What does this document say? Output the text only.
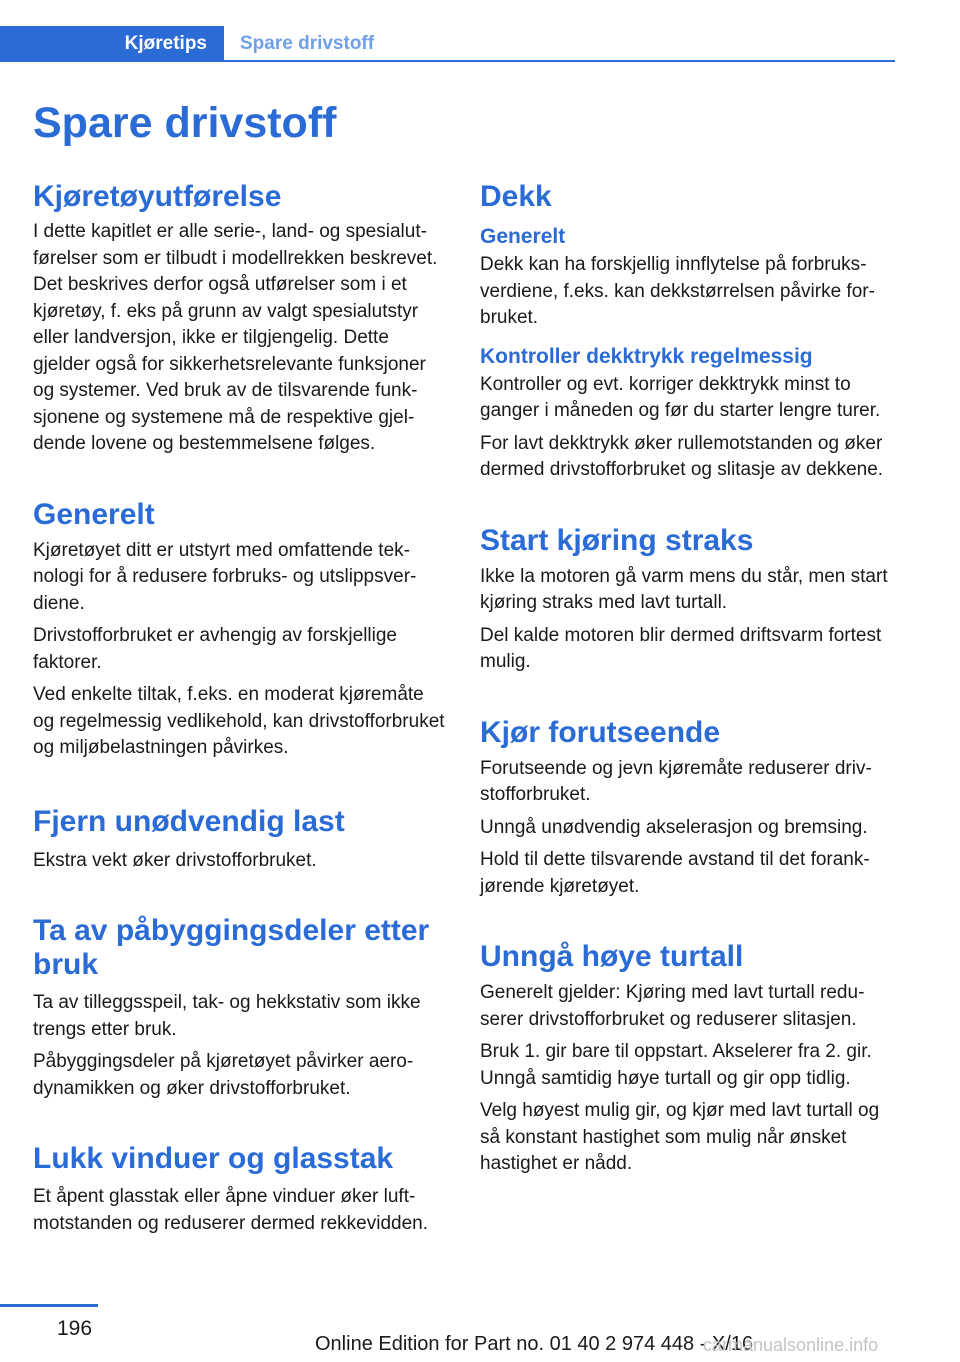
Kjøretips Spare drivstoff
Spare drivstoff
Kjøretøyutførelse

I dette kapitlet er alle serie-, land- og spesialutførelser som er tilbudt i modellrekken beskrevet. Det beskrives derfor også utførelser som i et kjøretøy, f. eks på grunn av valgt spesialutstyr eller landversjon, ikke er tilgjengelig. Dette gjelder også for sikkerhetsrelevante funksjoner og systemer. Ved bruk av de tilsvarende funksjonene og systemene må de respektive gjeldende lovene og bestemmelsene følges.

Generelt

Kjøretøyet ditt er utstyrt med omfattende teknologi for å redusere forbruks- og utslippsverdiene.

Drivstofforbruket er avhengig av forskjellige faktorer.

Ved enkelte tiltak, f.eks. en moderat kjøremåte og regelmessig vedlikehold, kan drivstofforbruket og miljøbelastningen påvirkes.

Fjern unødvendig last

Ekstra vekt øker drivstofforbruket.

Ta av påbyggingsdeler etter bruk

Ta av tilleggsspeil, tak- og hekkstativ som ikke trengs etter bruk.

Påbyggingsdeler på kjøretøyet påvirker aerodynamikken og øker drivstofforbruket.

Lukk vinduer og glasstak

Et åpent glasstak eller åpne vinduer øker luftmotstanden og reduserer dermed rekkevidden.

Dekk
Generelt

Dekk kan ha forskjellig innflytelse på forbruksverdiene, f.eks. kan dekkstørrelsen påvirke forbruket.

Kontroller dekktrykk regelmessig

Kontroller og evt. korriger dekktrykk minst to ganger i måneden og før du starter lengre turer.

For lavt dekktrykk øker rullemotstanden og øker dermed drivstofforbruket og slitasje av dekkene.

Start kjøring straks

Ikke la motoren gå varm mens du står, men start kjøring straks med lavt turtall.

Del kalde motoren blir dermed driftsvarm fortest mulig.

Kjør forutseende

Forutseende og jevn kjøremåte reduserer drivstofforbruket.

Unngå unødvendig akselerasjon og bremsing.

Hold til dette tilsvarende avstand til det forankjørende kjøretøyet.

Unngå høye turtall

Generelt gjelder: Kjøring med lavt turtall reduserer drivstofforbruket og reduserer slitasjen.

Bruk 1. gir bare til oppstart. Akselerer fra 2. gir. Unngå samtidig høye turtall og gir opp tidlig.

Velg høyest mulig gir, og kjør med lavt turtall og så konstant hastighet som mulig når ønsket hastighet er nådd.

196
Online Edition for Part no. 01 40 2 974 448 - X/16
carmanualsonline.info
